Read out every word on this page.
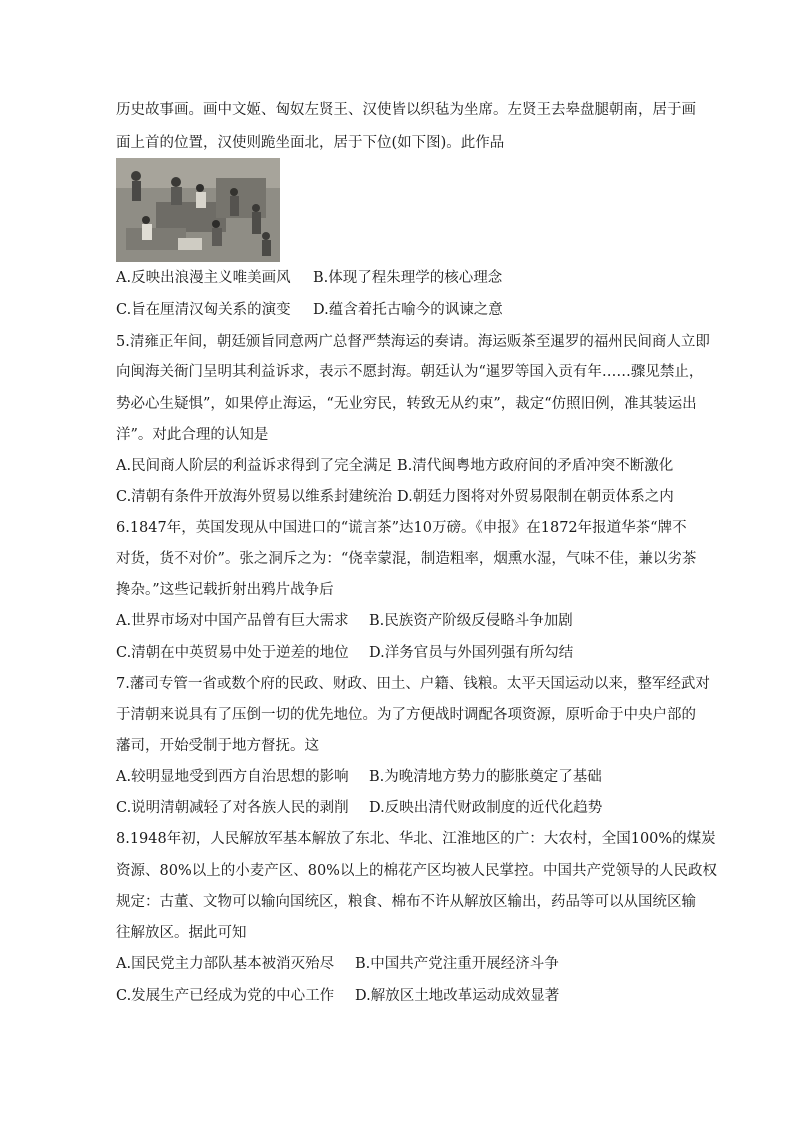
历史故事画。画中文姬、匈奴左贤王、汉使皆以织毡为坐席。左贤王去皋盘腿朝南，居于画
面上首的位置，汉使则跪坐面北，居于下位(如下图)。此作品
A.反映出浪漫主义唯美画风 B.体现了程朱理学的核心理念
C.旨在厘清汉匈关系的演变 D.蕴含着托古喻今的讽谏之意
5.清雍正年间，朝廷颁旨同意两广总督严禁海运的奏请。海运贩茶至暹罗的福州民间商人立即
向闽海关衙门呈明其利益诉求，表示不愿封海。朝廷认为“暹罗等国入贡有年……骤见禁止，
势必心生疑惧”，如果停止海运，“无业穷民，转致无从约束”，裁定“仿照旧例，准其装运出
洋”。对此合理的认知是
A.民间商人阶层的利益诉求得到了完全满足 B.清代闽粤地方政府间的矛盾冲突不断激化
C.清朝有条件开放海外贸易以维系封建统治 D.朝廷力图将对外贸易限制在朝贡体系之内
6.1847年，英国发现从中国进口的“谎言茶”达10万磅。《申报》在1872年报道华茶“牌不
对货，货不对价”。张之洞斥之为：“侥幸蒙混，制造粗率，烟熏水湿，气味不佳，兼以劣茶
搀杂。”这些记载折射出鸦片战争后
A.世界市场对中国产品曾有巨大需求 B.民族资产阶级反侵略斗争加剧
C.清朝在中英贸易中处于逆差的地位 D.洋务官员与外国列强有所勾结
7.藩司专管一省或数个府的民政、财政、田土、户籍、钱粮。太平天国运动以来，整军经武对
于清朝来说具有了压倒一切的优先地位。为了方便战时调配各项资源，原听命于中央户部的
藩司，开始受制于地方督抚。这
A.较明显地受到西方自治思想的影响 B.为晚清地方势力的膨胀奠定了基础
C.说明清朝减轻了对各族人民的剥削 D.反映出清代财政制度的近代化趋势
8.1948年初，人民解放军基本解放了东北、华北、江淮地区的广：大农村，全国100%的煤炭
资源、80%以上的小麦产区、80%以上的棉花产区均被人民掌控。中国共产党领导的人民政权
规定：古董、文物可以输向国统区，粮食、棉布不许从解放区输出，药品等可以从国统区输
往解放区。据此可知
A.国民党主力部队基本被消灭殆尽 B.中国共产党注重开展经济斗争
C.发展生产已经成为党的中心工作 D.解放区土地改革运动成效显著
